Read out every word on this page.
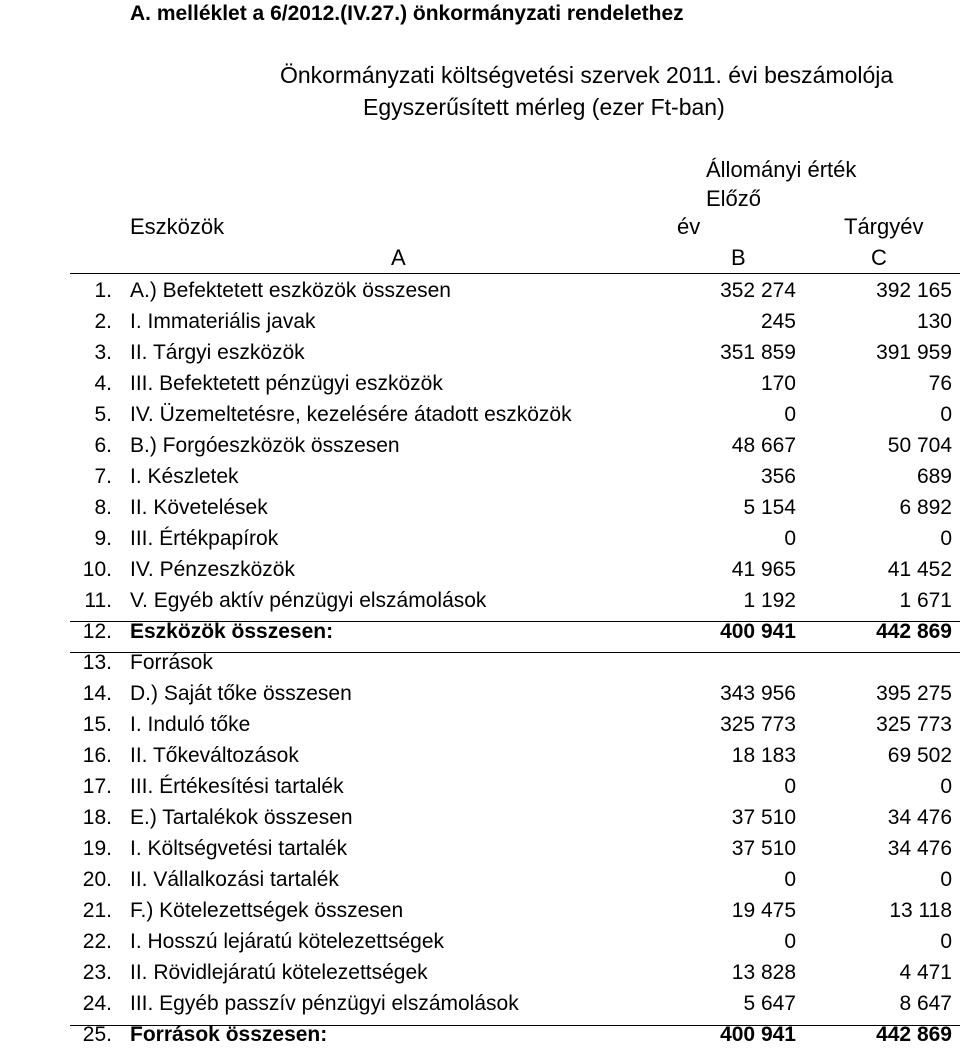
A. melléklet a 6/2012.(IV.27.) önkormányzati rendelethez
Önkormányzati költségvetési szervek 2011. évi beszámolója
Egyszerűsített mérleg (ezer Ft-ban)
Állományi érték
Előző
Eszközök	év	Tárgyév
A	B	C
1. A.) Befektetett eszközök összesen	352 274	392 165
2. I. Immateriális javak	245	130
3. II. Tárgyi eszközök	351 859	391 959
4. III. Befektetett pénzügyi eszközök	170	76
5. IV. Üzemeltetésre, kezelésére átadott eszközök	0	0
6. B.) Forgóeszközök összesen	48 667	50 704
7. I. Készletek	356	689
8. II. Követelések	5 154	6 892
9. III. Értékpapírok	0	0
10. IV. Pénzeszközök	41 965	41 452
11. V. Egyéb aktív pénzügyi elszámolások	1 192	1 671
12. Eszközök összesen:	400 941	442 869
13. Források
14. D.) Saját tőke összesen	343 956	395 275
15. I. Induló tőke	325 773	325 773
16. II. Tőkeváltozások	18 183	69 502
17. III. Értékesítési tartalék	0	0
18. E.) Tartalékok összesen	37 510	34 476
19. I. Költségvetési tartalék	37 510	34 476
20. II. Vállalkozási tartalék	0	0
21. F.) Kötelezettségek összesen	19 475	13 118
22. I. Hosszú lejáratú kötelezettségek	0	0
23. II. Rövidlejáratú kötelezettségek	13 828	4 471
24. III. Egyéb passzív pénzügyi elszámolások	5 647	8 647
25. Források összesen:	400 941	442 869
